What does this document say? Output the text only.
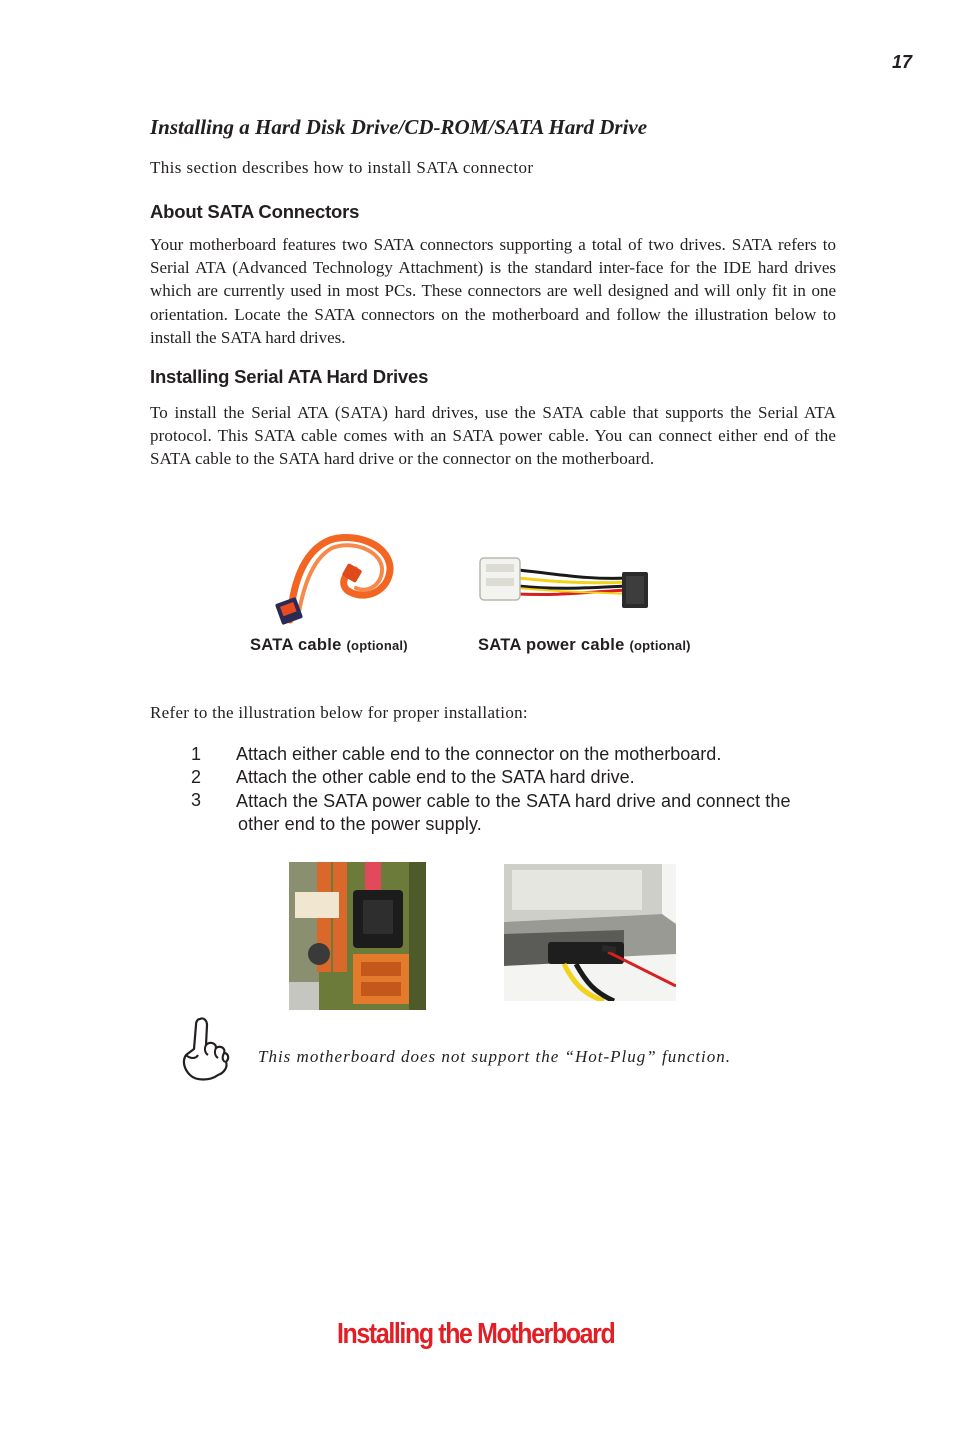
17
Installing a Hard Disk Drive/CD-ROM/SATA Hard Drive
This section describes how to install SATA connector
About SATA Connectors
Your motherboard features two SATA connectors supporting a total of two drives. SATA refers to Serial ATA (Advanced Technology Attachment) is the standard inter-face for the IDE hard drives which are currently used in most PCs. These connectors are well designed and will only fit in one orientation. Locate the SATA connectors on the motherboard and follow the illustration below to install the SATA hard drives.
Installing Serial ATA Hard Drives
To install the Serial ATA (SATA) hard drives, use the SATA cable that supports the Serial ATA protocol. This SATA cable comes with an SATA power cable. You can connect either end of the SATA cable to the SATA hard drive or the connector on the motherboard.
SATA cable (optional)	SATA power cable (optional)
Refer to the illustration below for proper installation:
1	Attach either cable end to the connector on the motherboard.
2	Attach the other cable end to the SATA hard drive.
3	Attach the SATA power cable to the SATA hard drive and connect the
other end to the power supply.
This motherboard does not support the “Hot-Plug” function.
Installing the Motherboard
